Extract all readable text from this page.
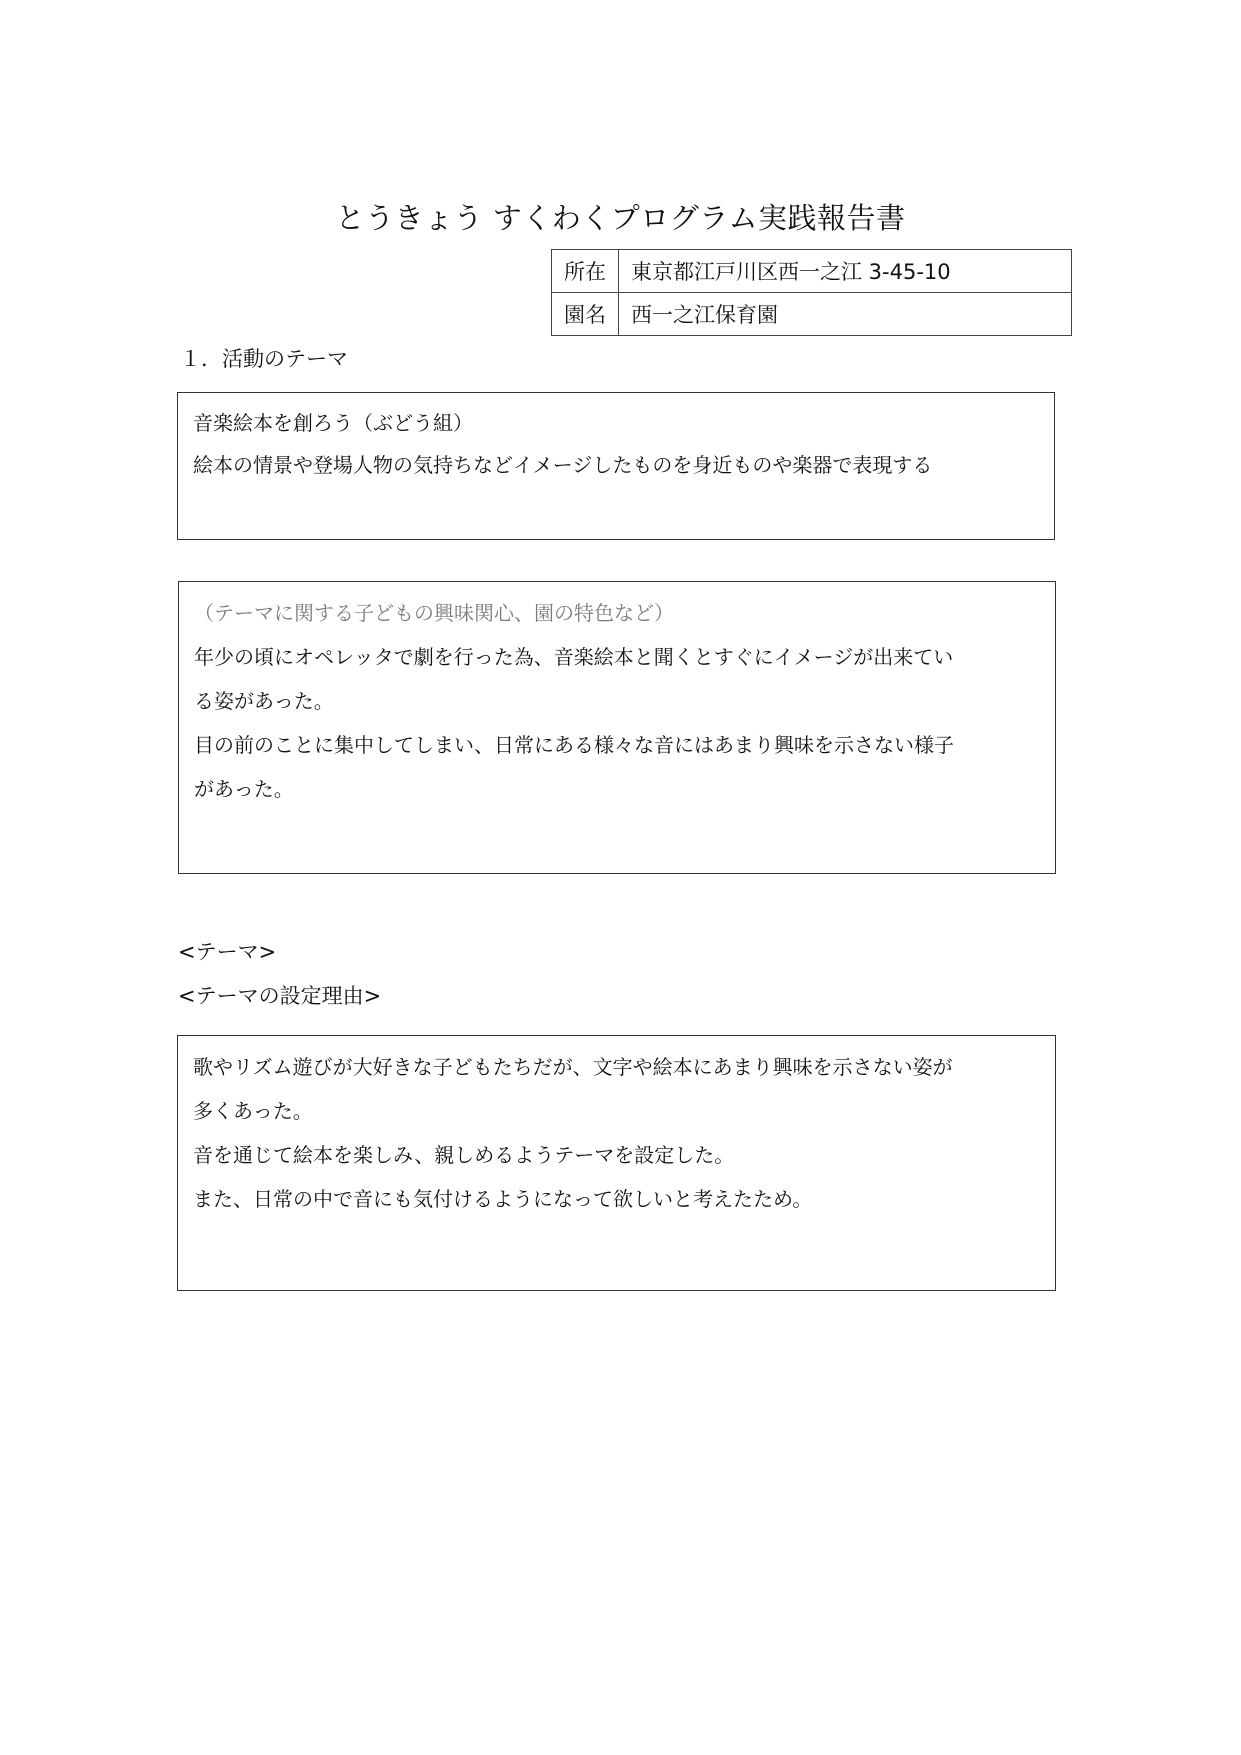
とうきょう すくわくプログラム実践報告書
所在	東京都江戸川区西一之江 3-45-10
園名	西一之江保育園
１．活動のテーマ

音楽絵本を創ろう（ぶどう組）

絵本の情景や登場人物の気持ちなどイメージしたものを身近ものや楽器で表現する

（テーマに関する子どもの興味関心、園の特色など）

年少の頃にオペレッタで劇を行った為、音楽絵本と聞くとすぐにイメージが出来てい

る姿があった。

目の前のことに集中してしまい、日常にある様々な音にはあまり興味を示さない様子

があった。

<テーマ>
<テーマの設定理由>

歌やリズム遊びが大好きな子どもたちだが、文字や絵本にあまり興味を示さない姿が

多くあった。

音を通じて絵本を楽しみ、親しめるようテーマを設定した。

また、日常の中で音にも気付けるようになって欲しいと考えたため。
